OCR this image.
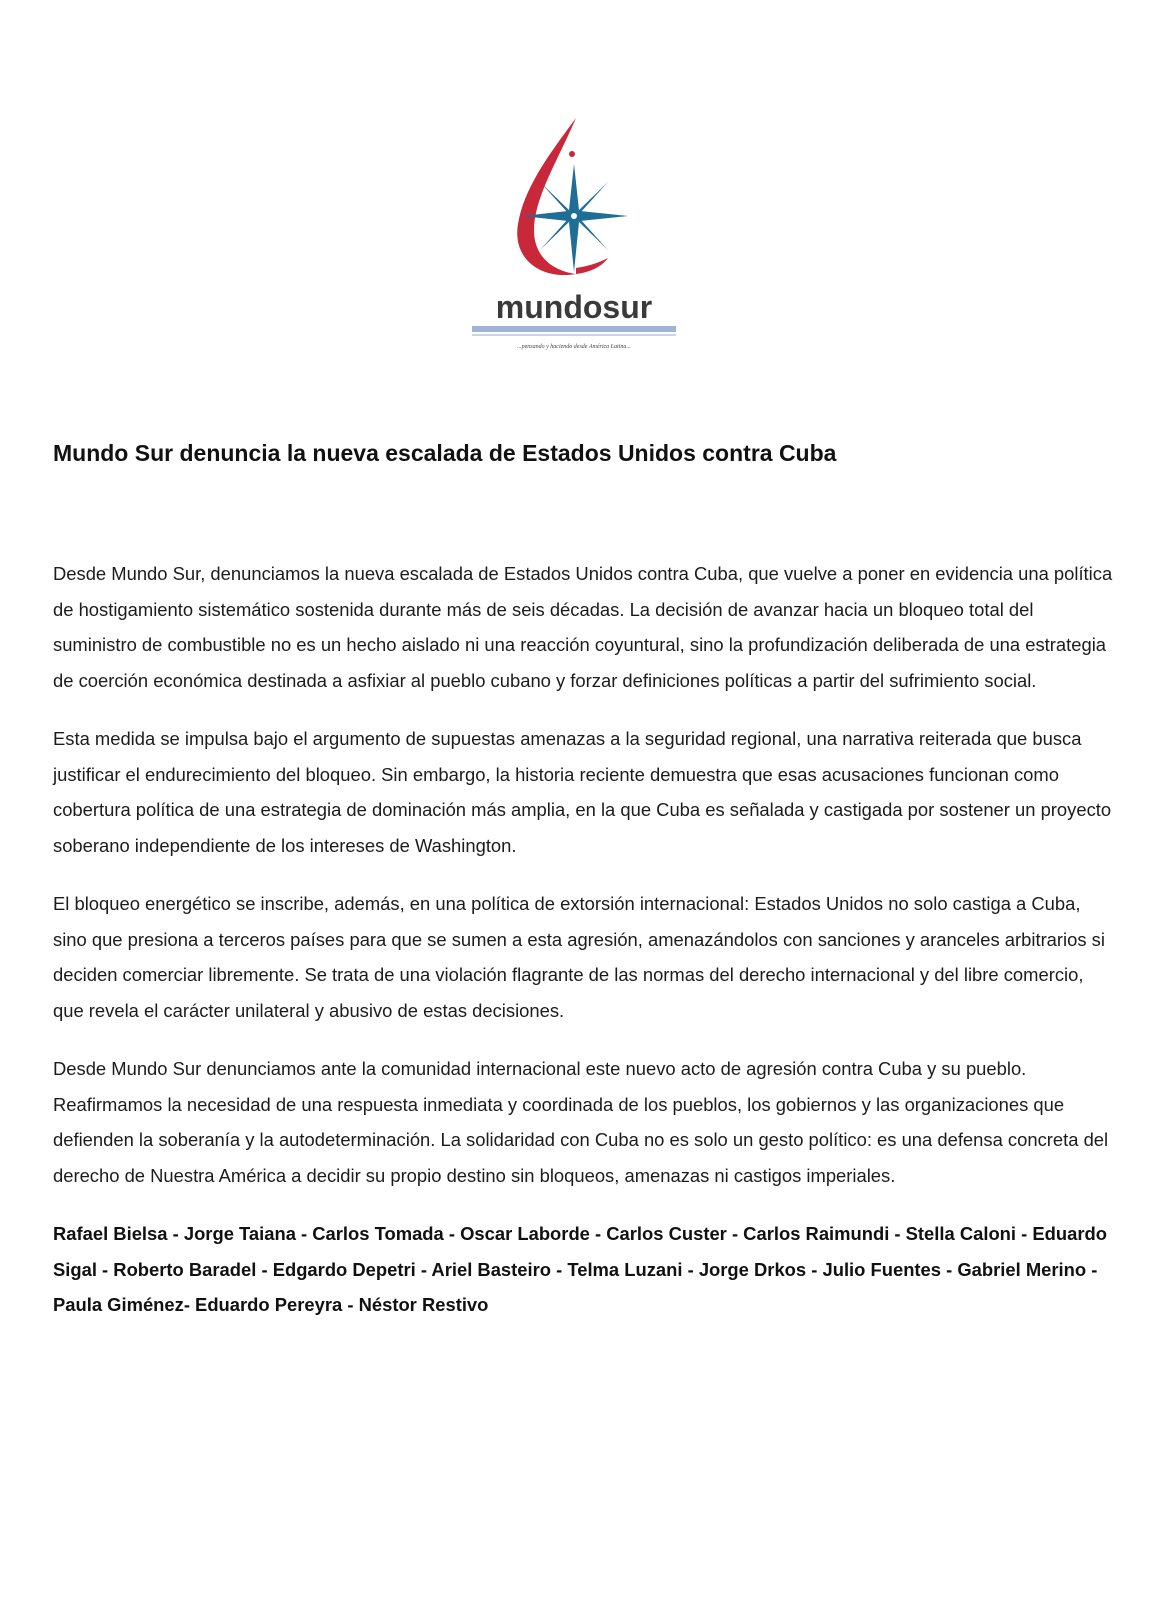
mundosur
...pensando y haciendo desde América Latina...
Mundo Sur denuncia la nueva escalada de Estados Unidos contra Cuba

Desde Mundo Sur, denunciamos la nueva escalada de Estados Unidos contra Cuba, que vuelve a poner en evidencia una política de hostigamiento sistemático sostenida durante más de seis décadas. La decisión de avanzar hacia un bloqueo total del suministro de combustible no es un hecho aislado ni una reacción coyuntural, sino la profundización deliberada de una estrategia de coerción económica destinada a asfixiar al pueblo cubano y forzar definiciones políticas a partir del sufrimiento social.

Esta medida se impulsa bajo el argumento de supuestas amenazas a la seguridad regional, una narrativa reiterada que busca justificar el endurecimiento del bloqueo. Sin embargo, la historia reciente demuestra que esas acusaciones funcionan como cobertura política de una estrategia de dominación más amplia, en la que Cuba es señalada y castigada por sostener un proyecto soberano independiente de los intereses de Washington.

El bloqueo energético se inscribe, además, en una política de extorsión internacional: Estados Unidos no solo castiga a Cuba, sino que presiona a terceros países para que se sumen a esta agresión, amenazándolos con sanciones y aranceles arbitrarios si deciden comerciar libremente. Se trata de una violación flagrante de las normas del derecho internacional y del libre comercio, que revela el carácter unilateral y abusivo de estas decisiones.

Desde Mundo Sur denunciamos ante la comunidad internacional este nuevo acto de agresión contra Cuba y su pueblo. Reafirmamos la necesidad de una respuesta inmediata y coordinada de los pueblos, los gobiernos y las organizaciones que defienden la soberanía y la autodeterminación. La solidaridad con Cuba no es solo un gesto político: es una defensa concreta del derecho de Nuestra América a decidir su propio destino sin bloqueos, amenazas ni castigos imperiales.

Rafael Bielsa - Jorge Taiana - Carlos Tomada - Oscar Laborde - Carlos Custer - Carlos Raimundi - Stella Caloni - Eduardo Sigal - Roberto Baradel - Edgardo Depetri - Ariel Basteiro - Telma Luzani - Jorge Drkos - Julio Fuentes - Gabriel Merino - Paula Giménez- Eduardo Pereyra - Néstor Restivo
